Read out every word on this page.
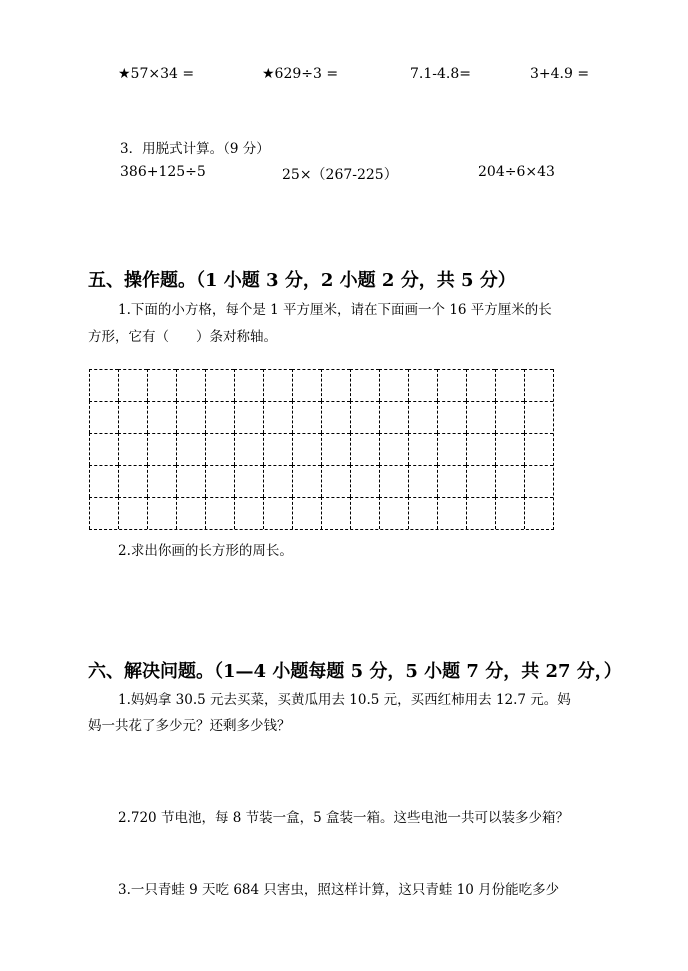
★57×34 =	★629÷3 =	7.1-4.8=	3+4.9 =
3．用脱式计算。（9 分）
386+125÷5	25×（267-225）	204÷6×43
五、操作题。（1 小题 3 分，2 小题 2 分，共 5 分）
1.下面的小方格，每个是 1 平方厘米，请在下面画一个 16 平方厘米的长
方形，它有（　　）条对称轴。
2.求出你画的长方形的周长。
六、解决问题。（1—4 小题每题 5 分，5 小题 7 分，共 27 分，）
1.妈妈拿 30.5 元去买菜，买黄瓜用去 10.5 元，买西红柿用去 12.7 元。妈
妈一共花了多少元？还剩多少钱？
2.720 节电池，每 8 节装一盒，5 盒装一箱。这些电池一共可以装多少箱？
3.一只青蛙 9 天吃 684 只害虫，照这样计算，这只青蛙 10 月份能吃多少
